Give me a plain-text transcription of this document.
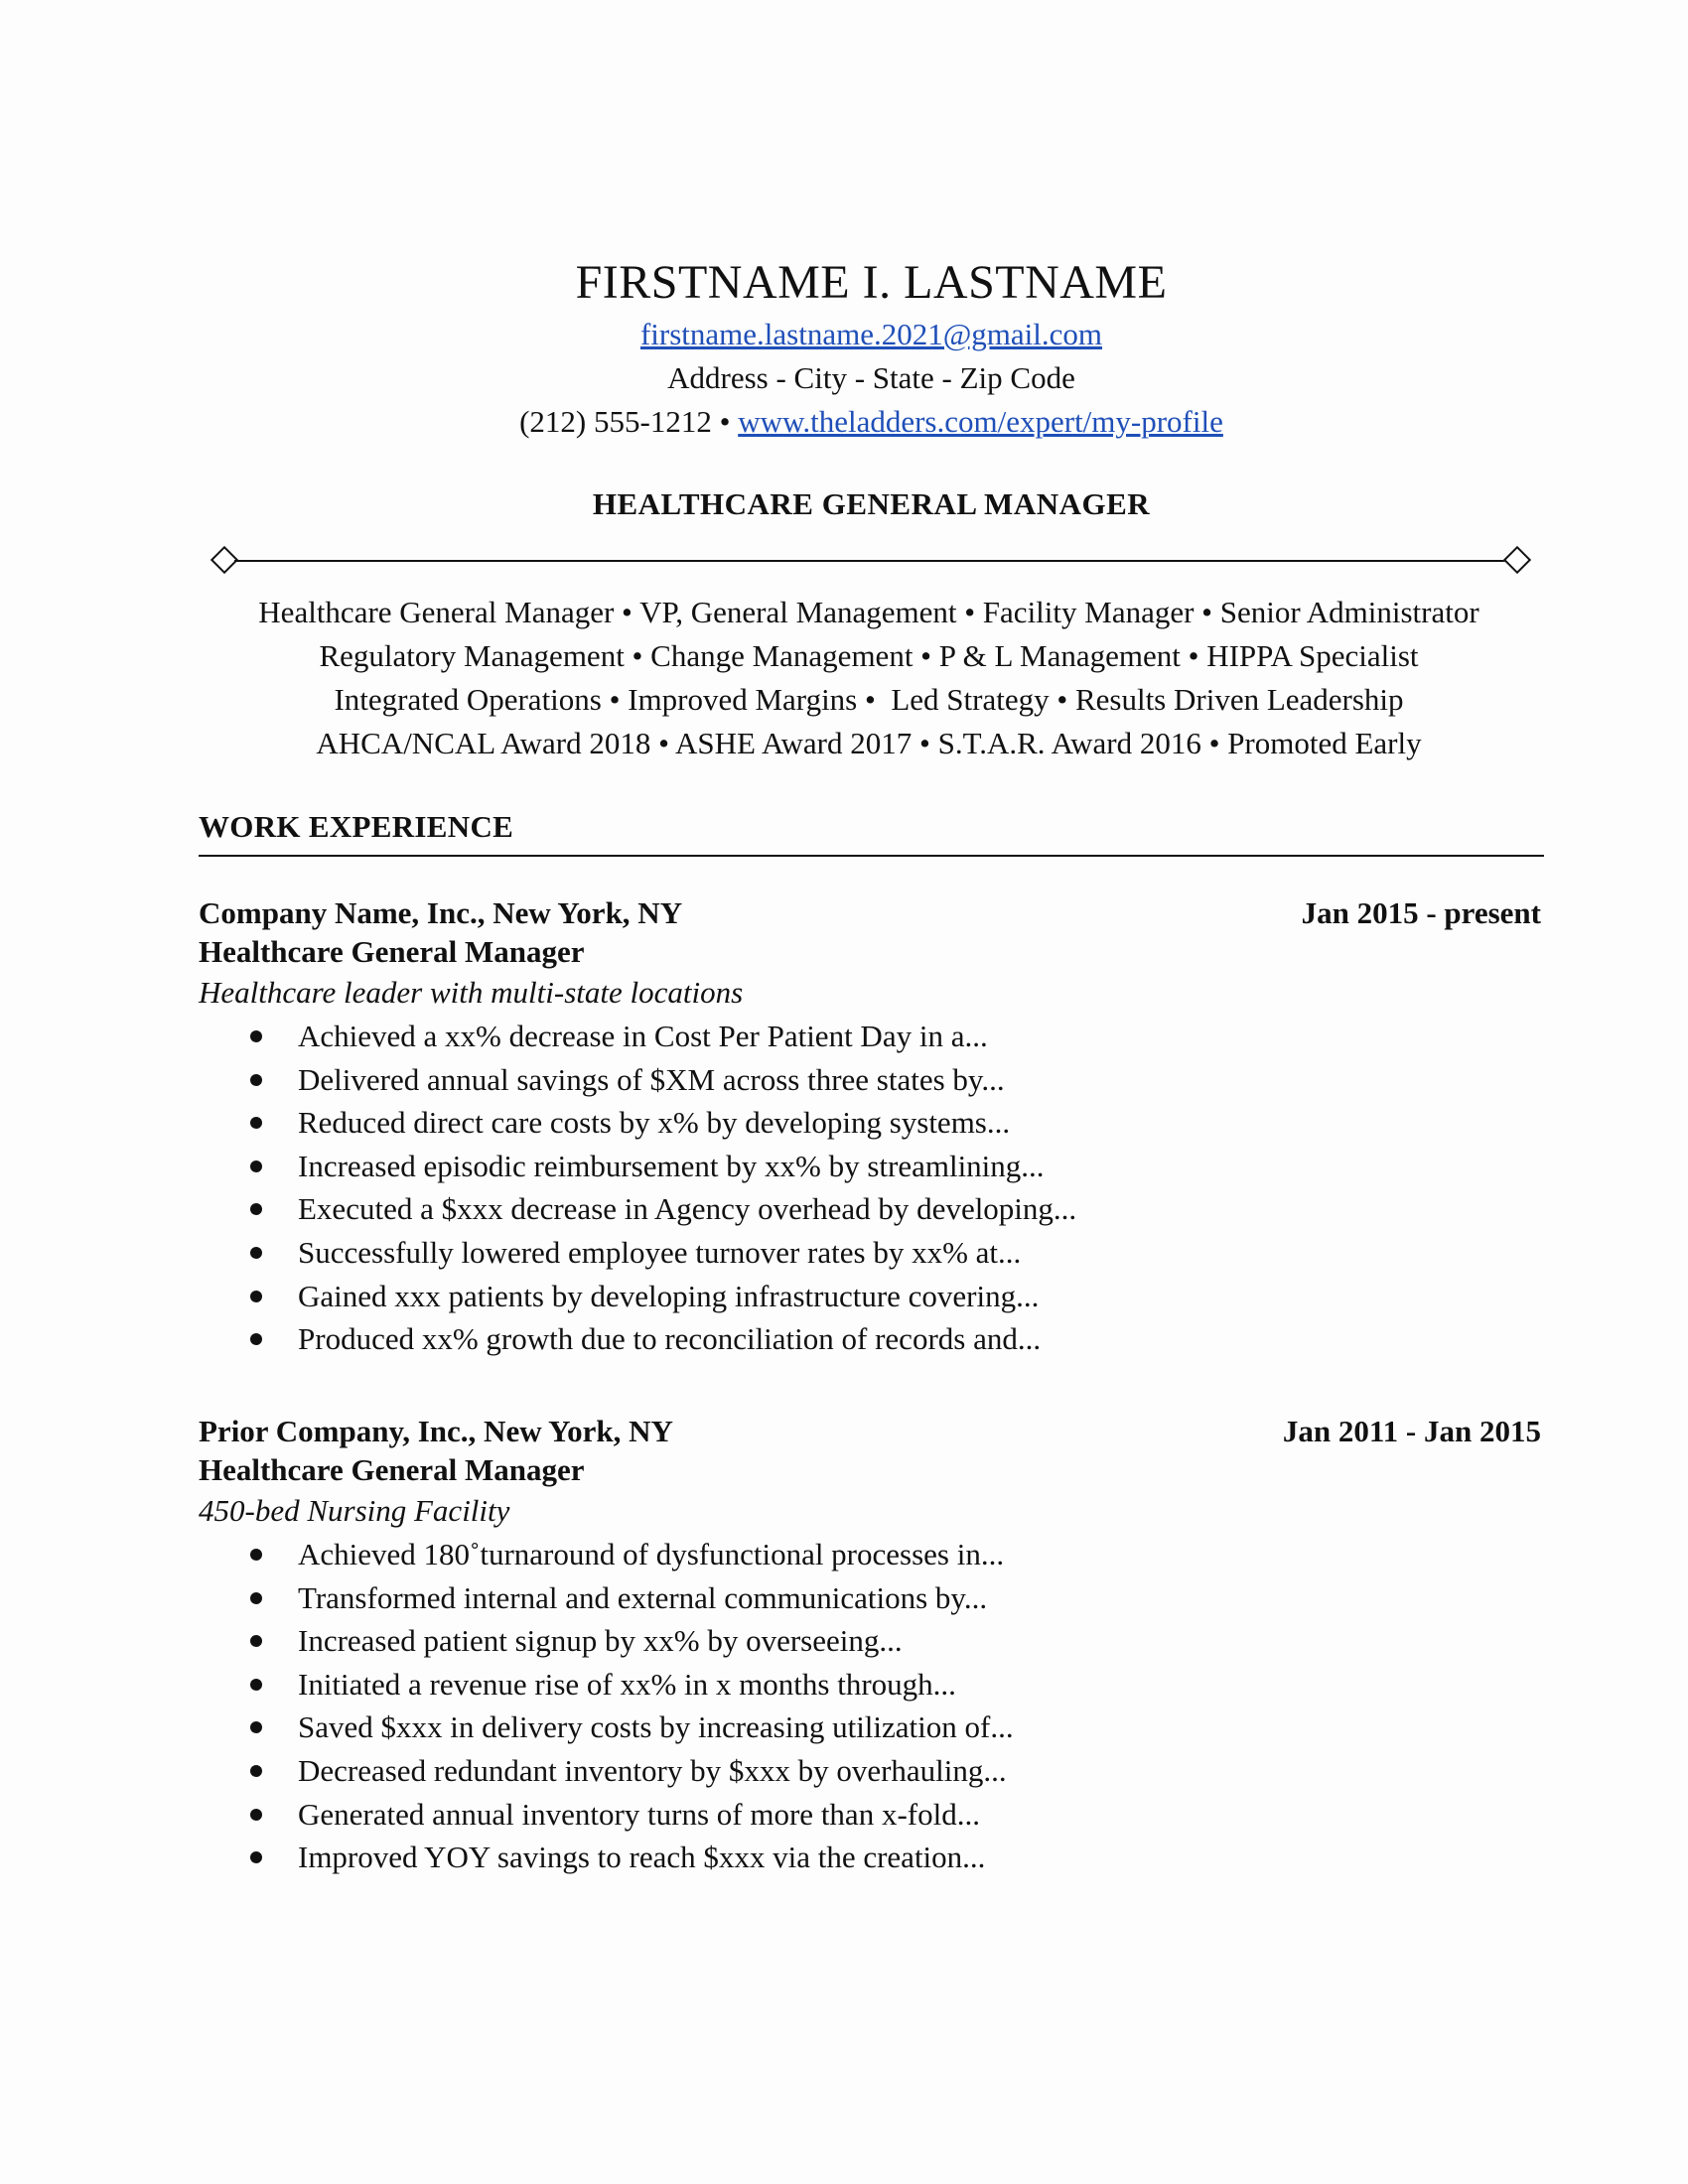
FIRSTNAME I. LASTNAME
firstname.lastname.2021@gmail.com
Address - City - State - Zip Code
(212) 555-1212 • www.theladders.com/expert/my-profile
HEALTHCARE GENERAL MANAGER
Healthcare General Manager • VP, General Management • Facility Manager • Senior Administrator
Regulatory Management • Change Management • P & L Management • HIPPA Specialist
Integrated Operations • Improved Margins •  Led Strategy • Results Driven Leadership
AHCA/NCAL Award 2018 • ASHE Award 2017 • S.T.A.R. Award 2016 • Promoted Early
WORK EXPERIENCE
Company Name, Inc., New York, NY	Jan 2015 - present
Healthcare General Manager
Healthcare leader with multi-state locations
Achieved a xx% decrease in Cost Per Patient Day in a...
Delivered annual savings of $XM across three states by...
Reduced direct care costs by x% by developing systems...
Increased episodic reimbursement by xx% by streamlining...
Executed a $xxx decrease in Agency overhead by developing...
Successfully lowered employee turnover rates by xx% at...
Gained xxx patients by developing infrastructure covering...
Produced xx% growth due to reconciliation of records and...
Prior Company, Inc., New York, NY	Jan 2011 - Jan 2015
Healthcare General Manager
450-bed Nursing Facility
Achieved 180˚turnaround of dysfunctional processes in...
Transformed internal and external communications by...
Increased patient signup by xx% by overseeing...
Initiated a revenue rise of xx% in x months through...
Saved $xxx in delivery costs by increasing utilization of...
Decreased redundant inventory by $xxx by overhauling...
Generated annual inventory turns of more than x-fold...
Improved YOY savings to reach $xxx via the creation...
